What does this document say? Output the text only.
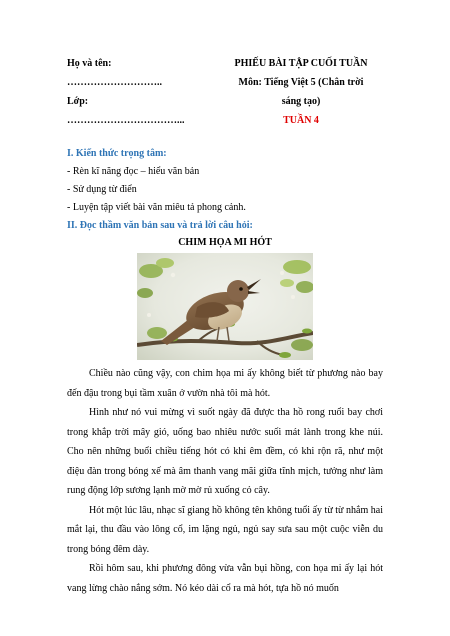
Họ và tên:
………………………..
Lớp:
……………………………...
PHIẾU BÀI TẬP CUỐI TUẦN
Môn: Tiếng Việt 5 (Chân trời
sáng tạo)
TUẦN 4
I. Kiến thức trọng tâm:
- Rèn kĩ năng đọc – hiểu văn bản
- Sử dụng từ điển
- Luyện tập viết bài văn miêu tả phong cảnh.
II. Đọc thầm văn bản sau và trả lời câu hỏi:
CHIM HỌA MI HÓT

Chiều nào cũng vậy, con chim họa mi ấy không biết từ phương nào bay đến đậu trong bụi tầm xuân ở vườn nhà tôi mà hót.

Hình như nó vui mừng vì suốt ngày đã được tha hồ rong ruổi bay chơi trong khắp trời mây gió, uống bao nhiêu nước suối mát lành trong khe núi. Cho nên những buổi chiều tiếng hót có khi êm đềm, có khi rộn rã, như một điệu đàn trong bóng xế mà âm thanh vang mãi giữa tĩnh mịch, tưởng như làm rung động lớp sương lạnh mờ mờ rủ xuống cỏ cây.

Hót một lúc lâu, nhạc sĩ giang hồ không tên không tuổi ấy từ từ nhắm hai mắt lại, thu đầu vào lông cổ, im lặng ngủ, ngủ say sưa sau một cuộc viễn du trong bóng đêm dày.

Rồi hôm sau, khi phương đông vừa vẫn bụi hồng, con họa mi ấy lại hót vang lừng chào nắng sớm. Nó kéo dài cổ ra mà hót, tựa hồ nó muốn
